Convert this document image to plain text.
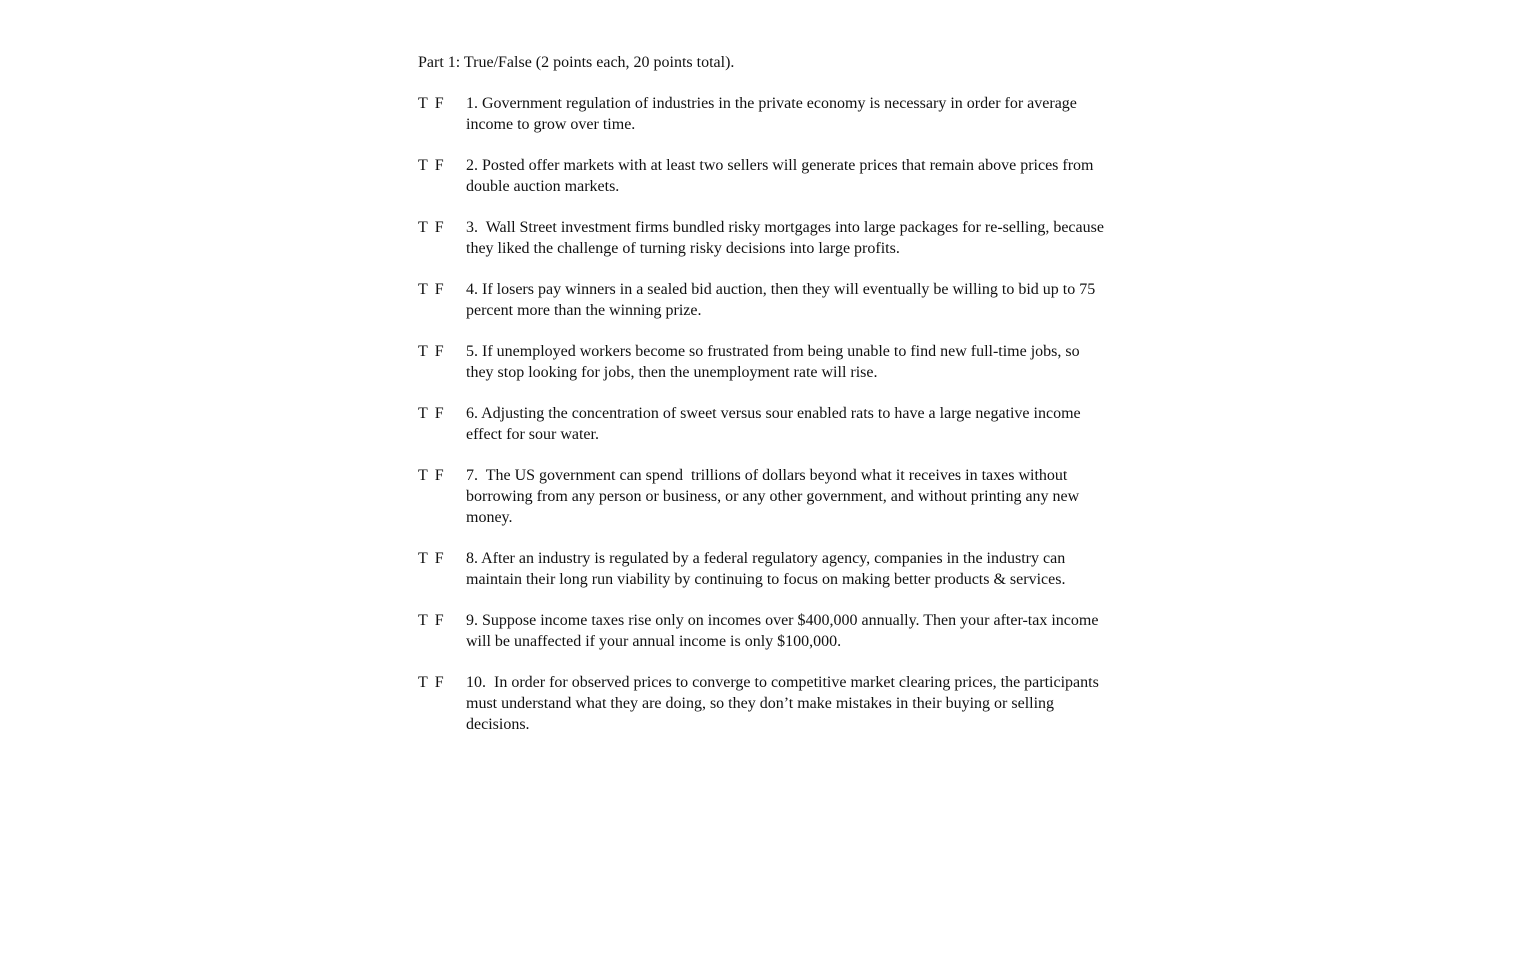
Part 1: True/False (2 points each, 20 points total).
T F	1. Government regulation of industries in the private economy is necessary in order for average income to grow over time.
T F	2. Posted offer markets with at least two sellers will generate prices that remain above prices from double auction markets.
T F	3.  Wall Street investment firms bundled risky mortgages into large packages for re-selling, because they liked the challenge of turning risky decisions into large profits.
T F	4. If losers pay winners in a sealed bid auction, then they will eventually be willing to bid up to 75 percent more than the winning prize.
T F	5. If unemployed workers become so frustrated from being unable to find new full-time jobs, so they stop looking for jobs, then the unemployment rate will rise.
T F	6. Adjusting the concentration of sweet versus sour enabled rats to have a large negative income effect for sour water.
T F	7.  The US government can spend  trillions of dollars beyond what it receives in taxes without borrowing from any person or business, or any other government, and without printing any new money.
T F	8. After an industry is regulated by a federal regulatory agency, companies in the industry can maintain their long run viability by continuing to focus on making better products & services.
T F	9. Suppose income taxes rise only on incomes over $400,000 annually. Then your after-tax income will be unaffected if your annual income is only $100,000.
T F	10.  In order for observed prices to converge to competitive market clearing prices, the participants must understand what they are doing, so they don’t make mistakes in their buying or selling decisions.
